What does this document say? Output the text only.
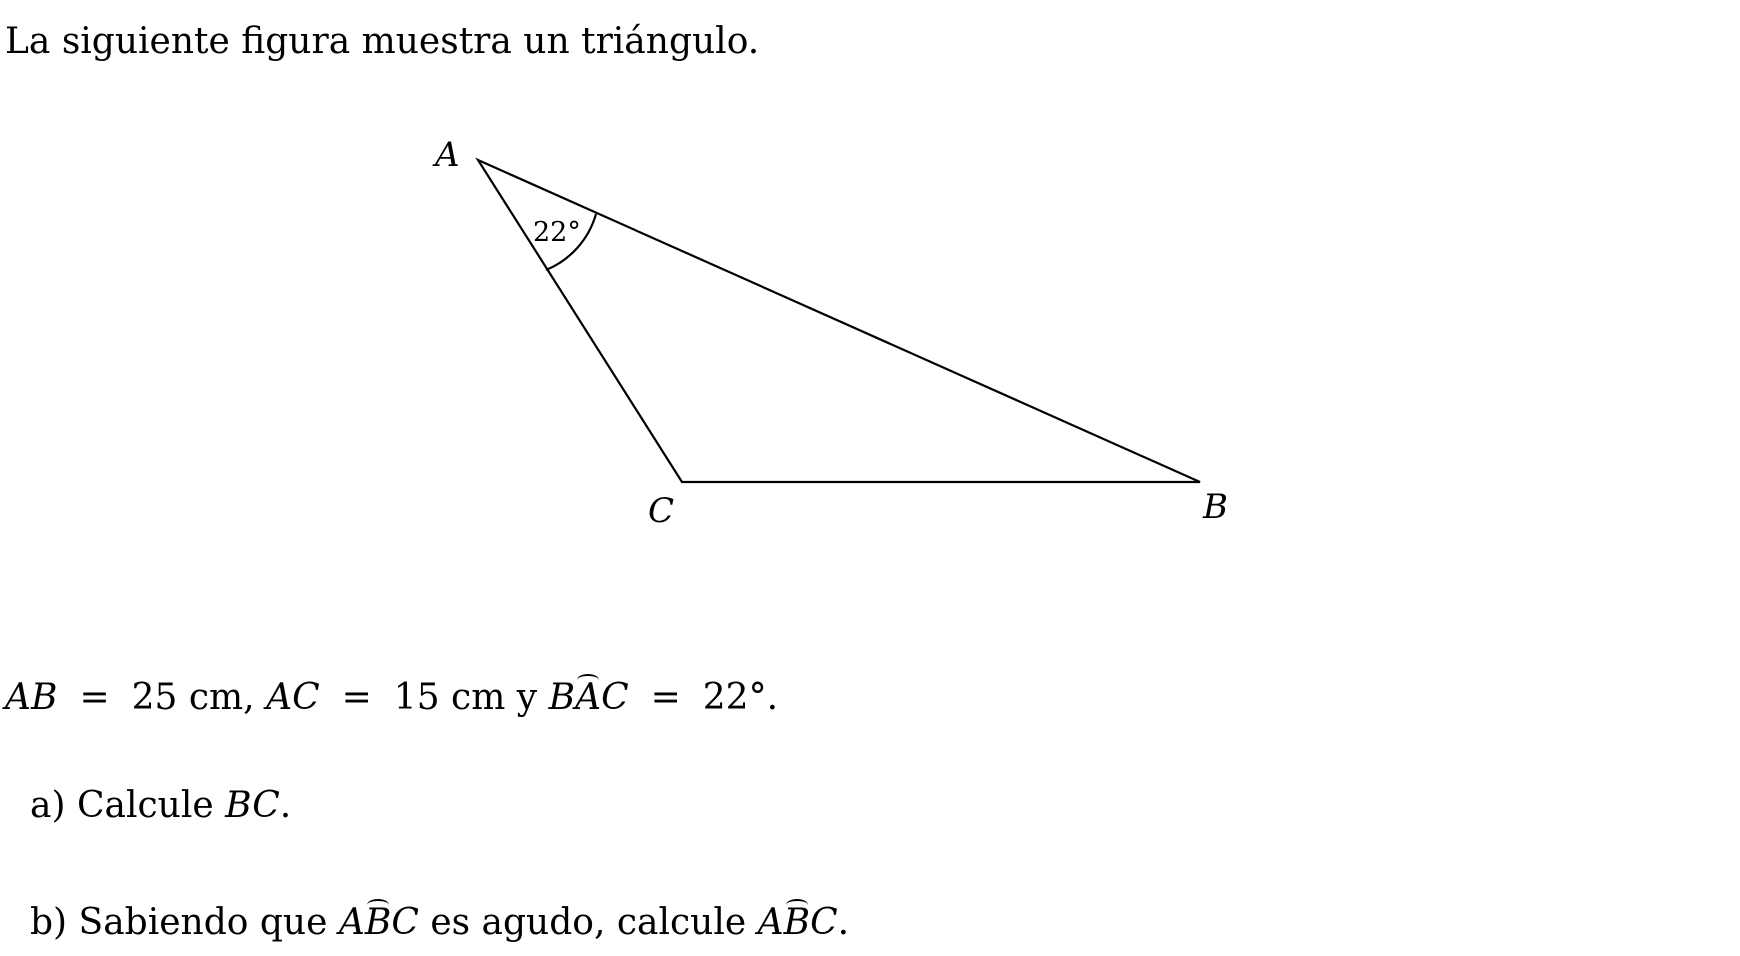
La siguiente figura muestra un triángulo.
A
B
C
22°
AB = 25 cm, AC = 15 cm y BAC = 22°.
a) Calcule BC.
b) Sabiendo que ABC es agudo, calcule ABC.
